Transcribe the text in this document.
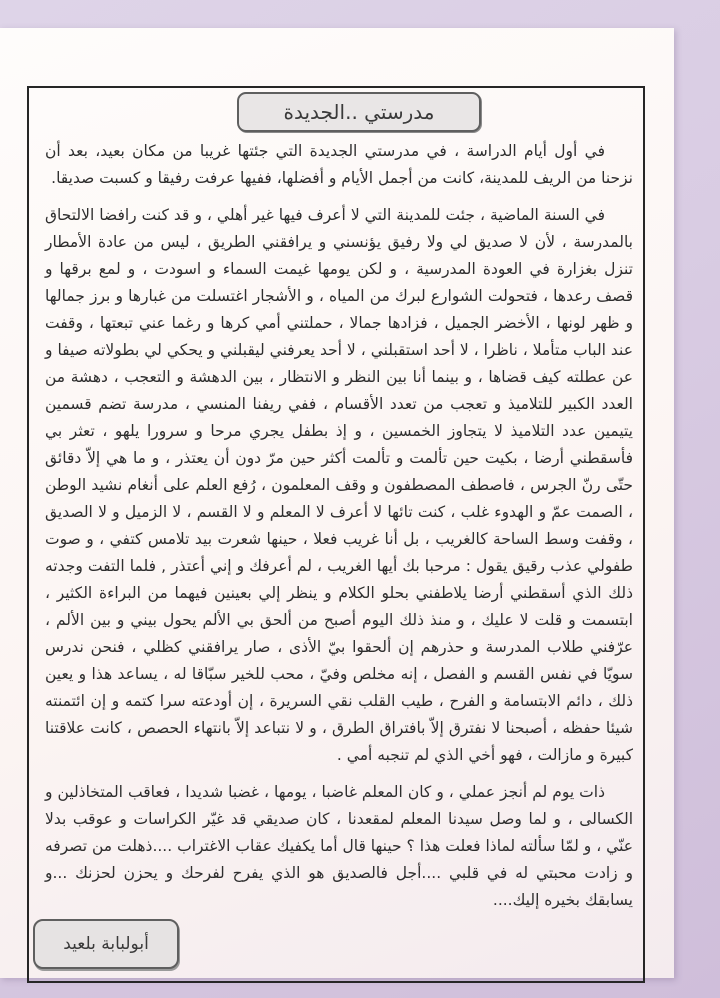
مدرستي ..الجديدة

في أول أيام الدراسة ، في مدرستي الجديدة التي جئتها غريبا من مكان بعيد، بعد أن نزحنا من الريف للمدينة، كانت من أجمل الأيام و أفضلها، ففيها عرفت رفيقا و كسبت صديقا.

في السنة الماضية ، جئت للمدينة التي لا أعرف فيها غير أهلي ، و قد كنت رافضا الالتحاق بالمدرسة ، لأن لا صديق لي ولا رفيق يؤنسني و يرافقني الطريق ، ليس من عادة الأمطار تنزل بغزارة في العودة المدرسية ، و لكن يومها غيمت السماء و اسودت ، و لمع برقها و قصف رعدها ، فتحولت الشوارع لبرك من المياه ، و الأشجار اغتسلت من غبارها و برز جمالها و ظهر لونها ، الأخضر الجميل ، فزادها جمالا ، حملتني أمي كرها و رغما عني تبعتها ، وقفت عند الباب متأملا ، ناظرا ، لا أحد استقبلني ، لا أحد يعرفني ليقبلني و يحكي لي بطولاته صيفا و عن عطلته كيف قضاها ، و بينما أنا بين النظر و الانتظار ، بين الدهشة و التعجب ، دهشة من العدد الكبير للتلاميذ و تعجب من تعدد الأقسام ، ففي ريفنا المنسي ، مدرسة تضم قسمين يتيمين عدد التلاميذ لا يتجاوز الخمسين ، و إذ بطفل يجري مرحا و سرورا يلهو ، تعثر بي فأسقطني أرضا ، بكيت حين تألمت و تألمت أكثر حين مرّ دون أن يعتذر ، و ما هي إلاّ دقائق حتّى رنّ الجرس ، فاصطف المصطفون و وقف المعلمون ، رُفع العلم على أنغام نشيد الوطن ، الصمت عمّ و الهدوء غلب ، كنت تائها لا أعرف لا المعلم و لا القسم ، لا الزميل و لا الصديق ، وقفت وسط الساحة كالغريب ، بل أنا غريب فعلا ، حينها شعرت بيد تلامس كتفي ، و صوت طفولي عذب رقيق يقول : مرحبا بك أيها الغريب ، لم أعرفك و إني أعتذر , فلما التفت وجدته ذلك الذي أسقطني أرضا يلاطفني بحلو الكلام و ينظر إلي بعينين فيهما من البراءة الكثير ، ابتسمت و قلت لا عليك ، و منذ ذلك اليوم أصبح من ألحق بي الألم يحول بيني و بين الألم ، عرّفني طلاب المدرسة و حذرهم إن ألحقوا بيّ الأذى ، صار يرافقني كظلي ، فنحن ندرس سويّا في نفس القسم و الفصل ، إنه مخلص وفيّ ، محب للخير سبّاقا له ، يساعد هذا و يعين ذلك ، دائم الابتسامة و الفرح ، طيب القلب نقي السريرة ، إن أودعته سرا كتمه و إن ائتمنته شيئا حفظه ، أصبحنا لا نفترق إلاّ بافتراق الطرق ، و لا نتباعد إلاّ بانتهاء الحصص ، كانت علاقتنا كبيرة و مازالت ، فهو أخي الذي لم تنجبه أمي .

ذات يوم لم أنجز عملي ، و كان المعلم غاضبا ، يومها ، غضبا شديدا ، فعاقب المتخاذلين و الكسالى ، و لما وصل سيدنا المعلم لمقعدنا ، كان صديقي قد غيّر الكراسات و عوقب بدلا عنّي ، و لمّا سألته لماذا فعلت هذا ؟ حينها قال أما يكفيك عقاب الاغتراب ....ذهلت من تصرفه و زادت محبتي له في قلبي ....أجل فالصديق هو الذي يفرح لفرحك و يحزن لحزنك ...و يسابقك بخيره إليك....

أبولبابة بلعيد
